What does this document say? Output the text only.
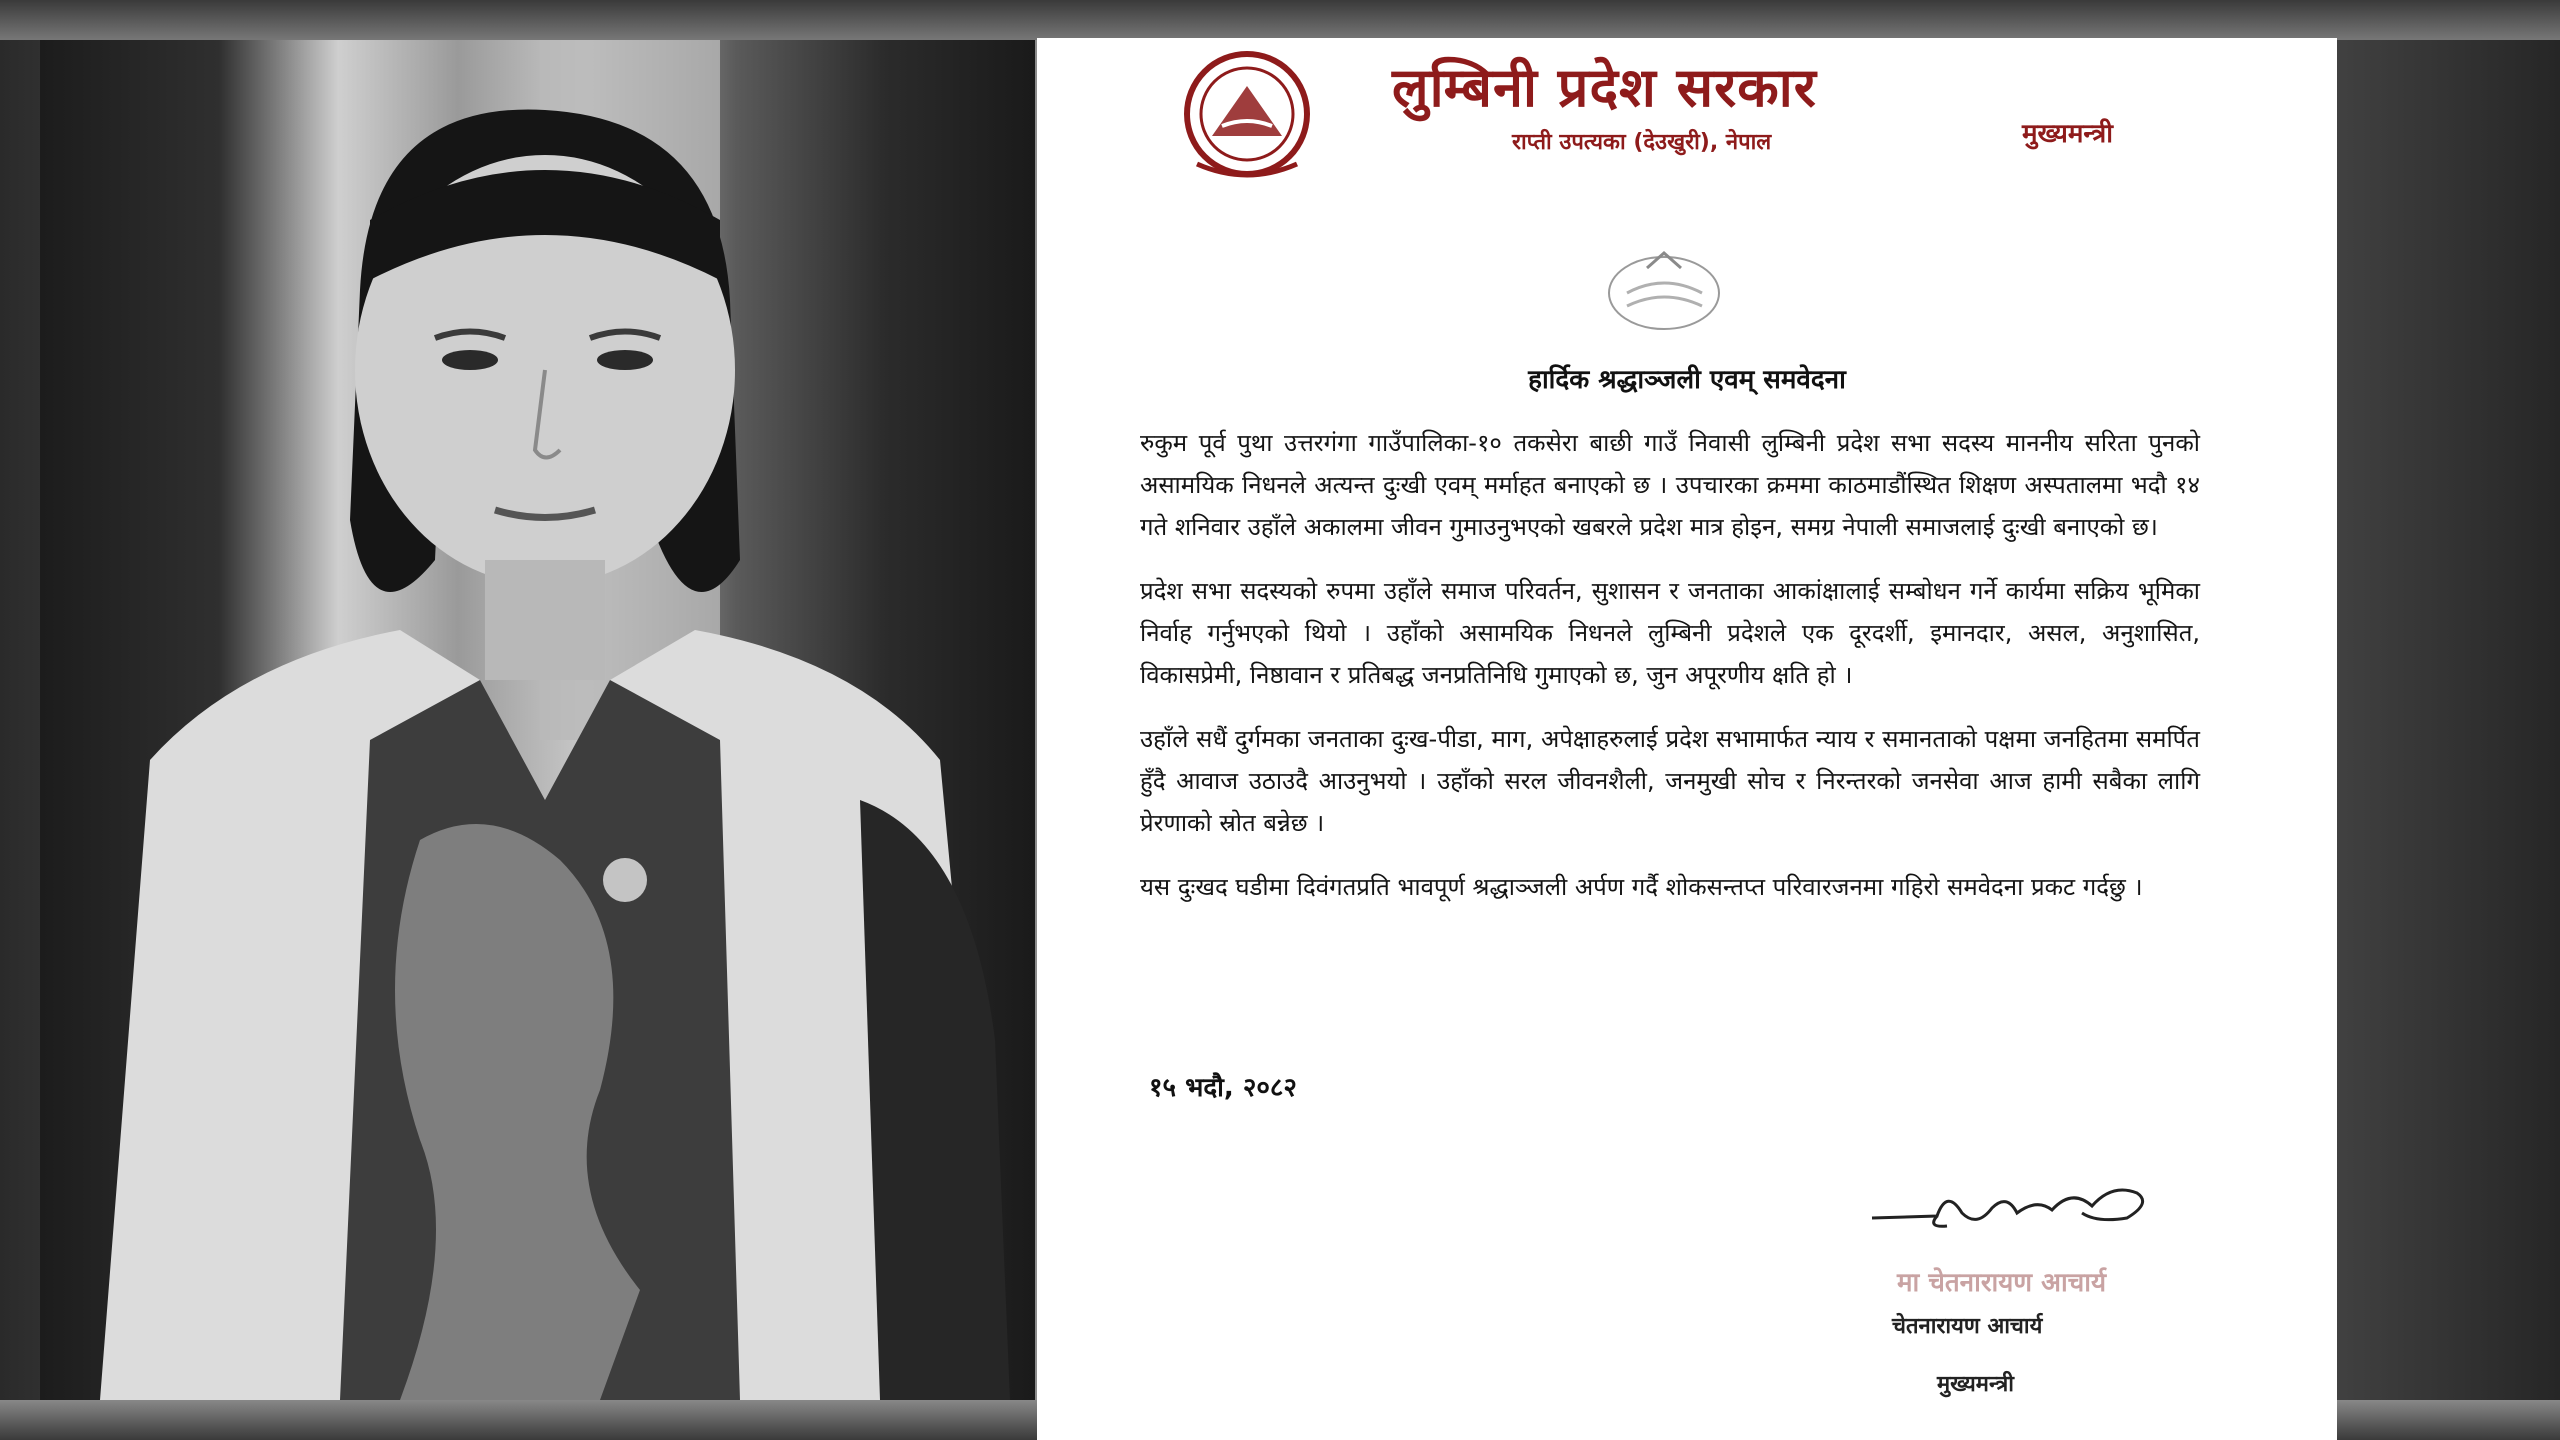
लुम्बिनी प्रदेश सरकार
राप्ती उपत्यका (देउखुरी), नेपाल	मुख्यमन्त्री
हार्दिक श्रद्धाञ्जली एवम् समवेदना

रुकुम पूर्व पुथा उत्तरगंगा गाउँपालिका-१० तकसेरा बाछी गाउँ निवासी लुम्बिनी प्रदेश सभा सदस्य माननीय सरिता पुनको असामयिक निधनले अत्यन्त दुःखी एवम् मर्माहत बनाएको छ । उपचारका क्रममा काठमाडौंस्थित शिक्षण अस्पतालमा भदौ १४ गते शनिवार उहाँले अकालमा जीवन गुमाउनुभएको खबरले प्रदेश मात्र होइन, समग्र नेपाली समाजलाई दुःखी बनाएको छ।

प्रदेश सभा सदस्यको रुपमा उहाँले समाज परिवर्तन, सुशासन र जनताका आकांक्षालाई सम्बोधन गर्ने कार्यमा सक्रिय भूमिका निर्वाह गर्नुभएको थियो । उहाँको असामयिक निधनले लुम्बिनी प्रदेशले एक दूरदर्शी, इमानदार, असल, अनुशासित, विकासप्रेमी, निष्ठावान र प्रतिबद्ध जनप्रतिनिधि गुमाएको छ, जुन अपूरणीय क्षति हो ।

उहाँले सधैं दुर्गमका जनताका दुःख-पीडा, माग, अपेक्षाहरुलाई प्रदेश सभामार्फत न्याय र समानताको पक्षमा जनहितमा समर्पित हुँदै आवाज उठाउदै आउनुभयो । उहाँको सरल जीवनशैली, जनमुखी सोच र निरन्तरको जनसेवा आज हामी सबैका लागि प्रेरणाको स्रोत बन्नेछ ।

यस दुःखद घडीमा दिवंगतप्रति भावपूर्ण श्रद्धाञ्जली अर्पण गर्दै शोकसन्तप्त परिवारजनमा गहिरो समवेदना प्रकट गर्दछु ।

१५ भदौ, २०८२
मा चेतनारायण आचार्य
चेतनारायण आचार्य
मुख्यमन्त्री
